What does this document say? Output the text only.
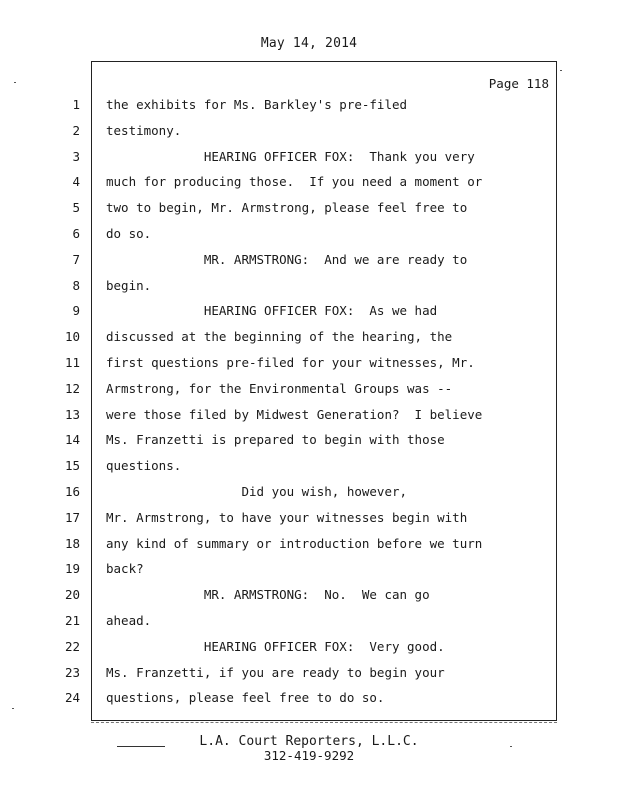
May 14, 2014
Page 118
1 the exhibits for Ms. Barkley's pre-filed
2 testimony.
3 HEARING OFFICER FOX:  Thank you very
4 much for producing those.  If you need a moment or
5 two to begin, Mr. Armstrong, please feel free to
6 do so.
7 MR. ARMSTRONG:  And we are ready to
8 begin.
9 HEARING OFFICER FOX:  As we had
10 discussed at the beginning of the hearing, the
11 first questions pre-filed for your witnesses, Mr.
12 Armstrong, for the Environmental Groups was --
13 were those filed by Midwest Generation?  I believe
14 Ms. Franzetti is prepared to begin with those
15 questions.
16 Did you wish, however,
17 Mr. Armstrong, to have your witnesses begin with
18 any kind of summary or introduction before we turn
19 back?
20 MR. ARMSTRONG:  No.  We can go
21 ahead.
22 HEARING OFFICER FOX:  Very good.
23 Ms. Franzetti, if you are ready to begin your
24 questions, please feel free to do so.
L.A. Court Reporters, L.L.C.
312-419-9292
